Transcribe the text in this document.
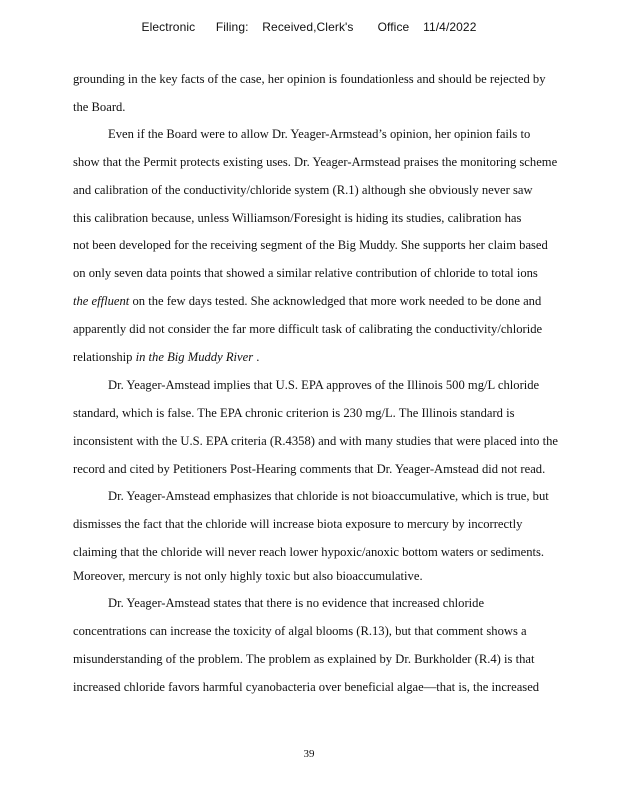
Electronic Filing: Received,Clerk's Office 11/4/2022
grounding in the key facts of the case, her opinion is foundationless and should be rejected by
the Board.
Even if the Board were to allow Dr. Yeager-Armstead’s opinion, her opinion fails to
show that the Permit protects existing uses. Dr. Yeager-Armstead praises the monitoring scheme
and calibration of the conductivity/chloride system (R.1) although she obviously never saw
this calibration because, unless Williamson/Foresight is hiding its studies, calibration has
not been developed for the receiving segment of the Big Muddy. She supports her claim based
on only seven data points that showed a similar relative contribution of chloride to total ions
the effluent on the few days tested. She acknowledged that more work needed to be done and
apparently did not consider the far more difficult task of calibrating the conductivity/chloride
relationship in the Big Muddy River .
Dr. Yeager-Amstead implies that U.S. EPA approves of the Illinois 500 mg/L chloride
standard, which is false. The EPA chronic criterion is 230 mg/L. The Illinois standard is
inconsistent with the U.S. EPA criteria (R.4358) and with many studies that were placed into the
record and cited by Petitioners Post-Hearing comments that Dr. Yeager-Amstead did not read.
Dr. Yeager-Amstead emphasizes that chloride is not bioaccumulative, which is true, but
dismisses the fact that the chloride will increase biota exposure to mercury by incorrectly
claiming that the chloride will never reach lower hypoxic/anoxic bottom waters or sediments.
Moreover, mercury is not only highly toxic but also bioaccumulative.
Dr. Yeager-Amstead states that there is no evidence that increased chloride
concentrations can increase the toxicity of algal blooms (R.13), but that comment shows a
misunderstanding of the problem. The problem as explained by Dr. Burkholder (R.4) is that
increased chloride favors harmful cyanobacteria over beneficial algae—that is, the increased
39
